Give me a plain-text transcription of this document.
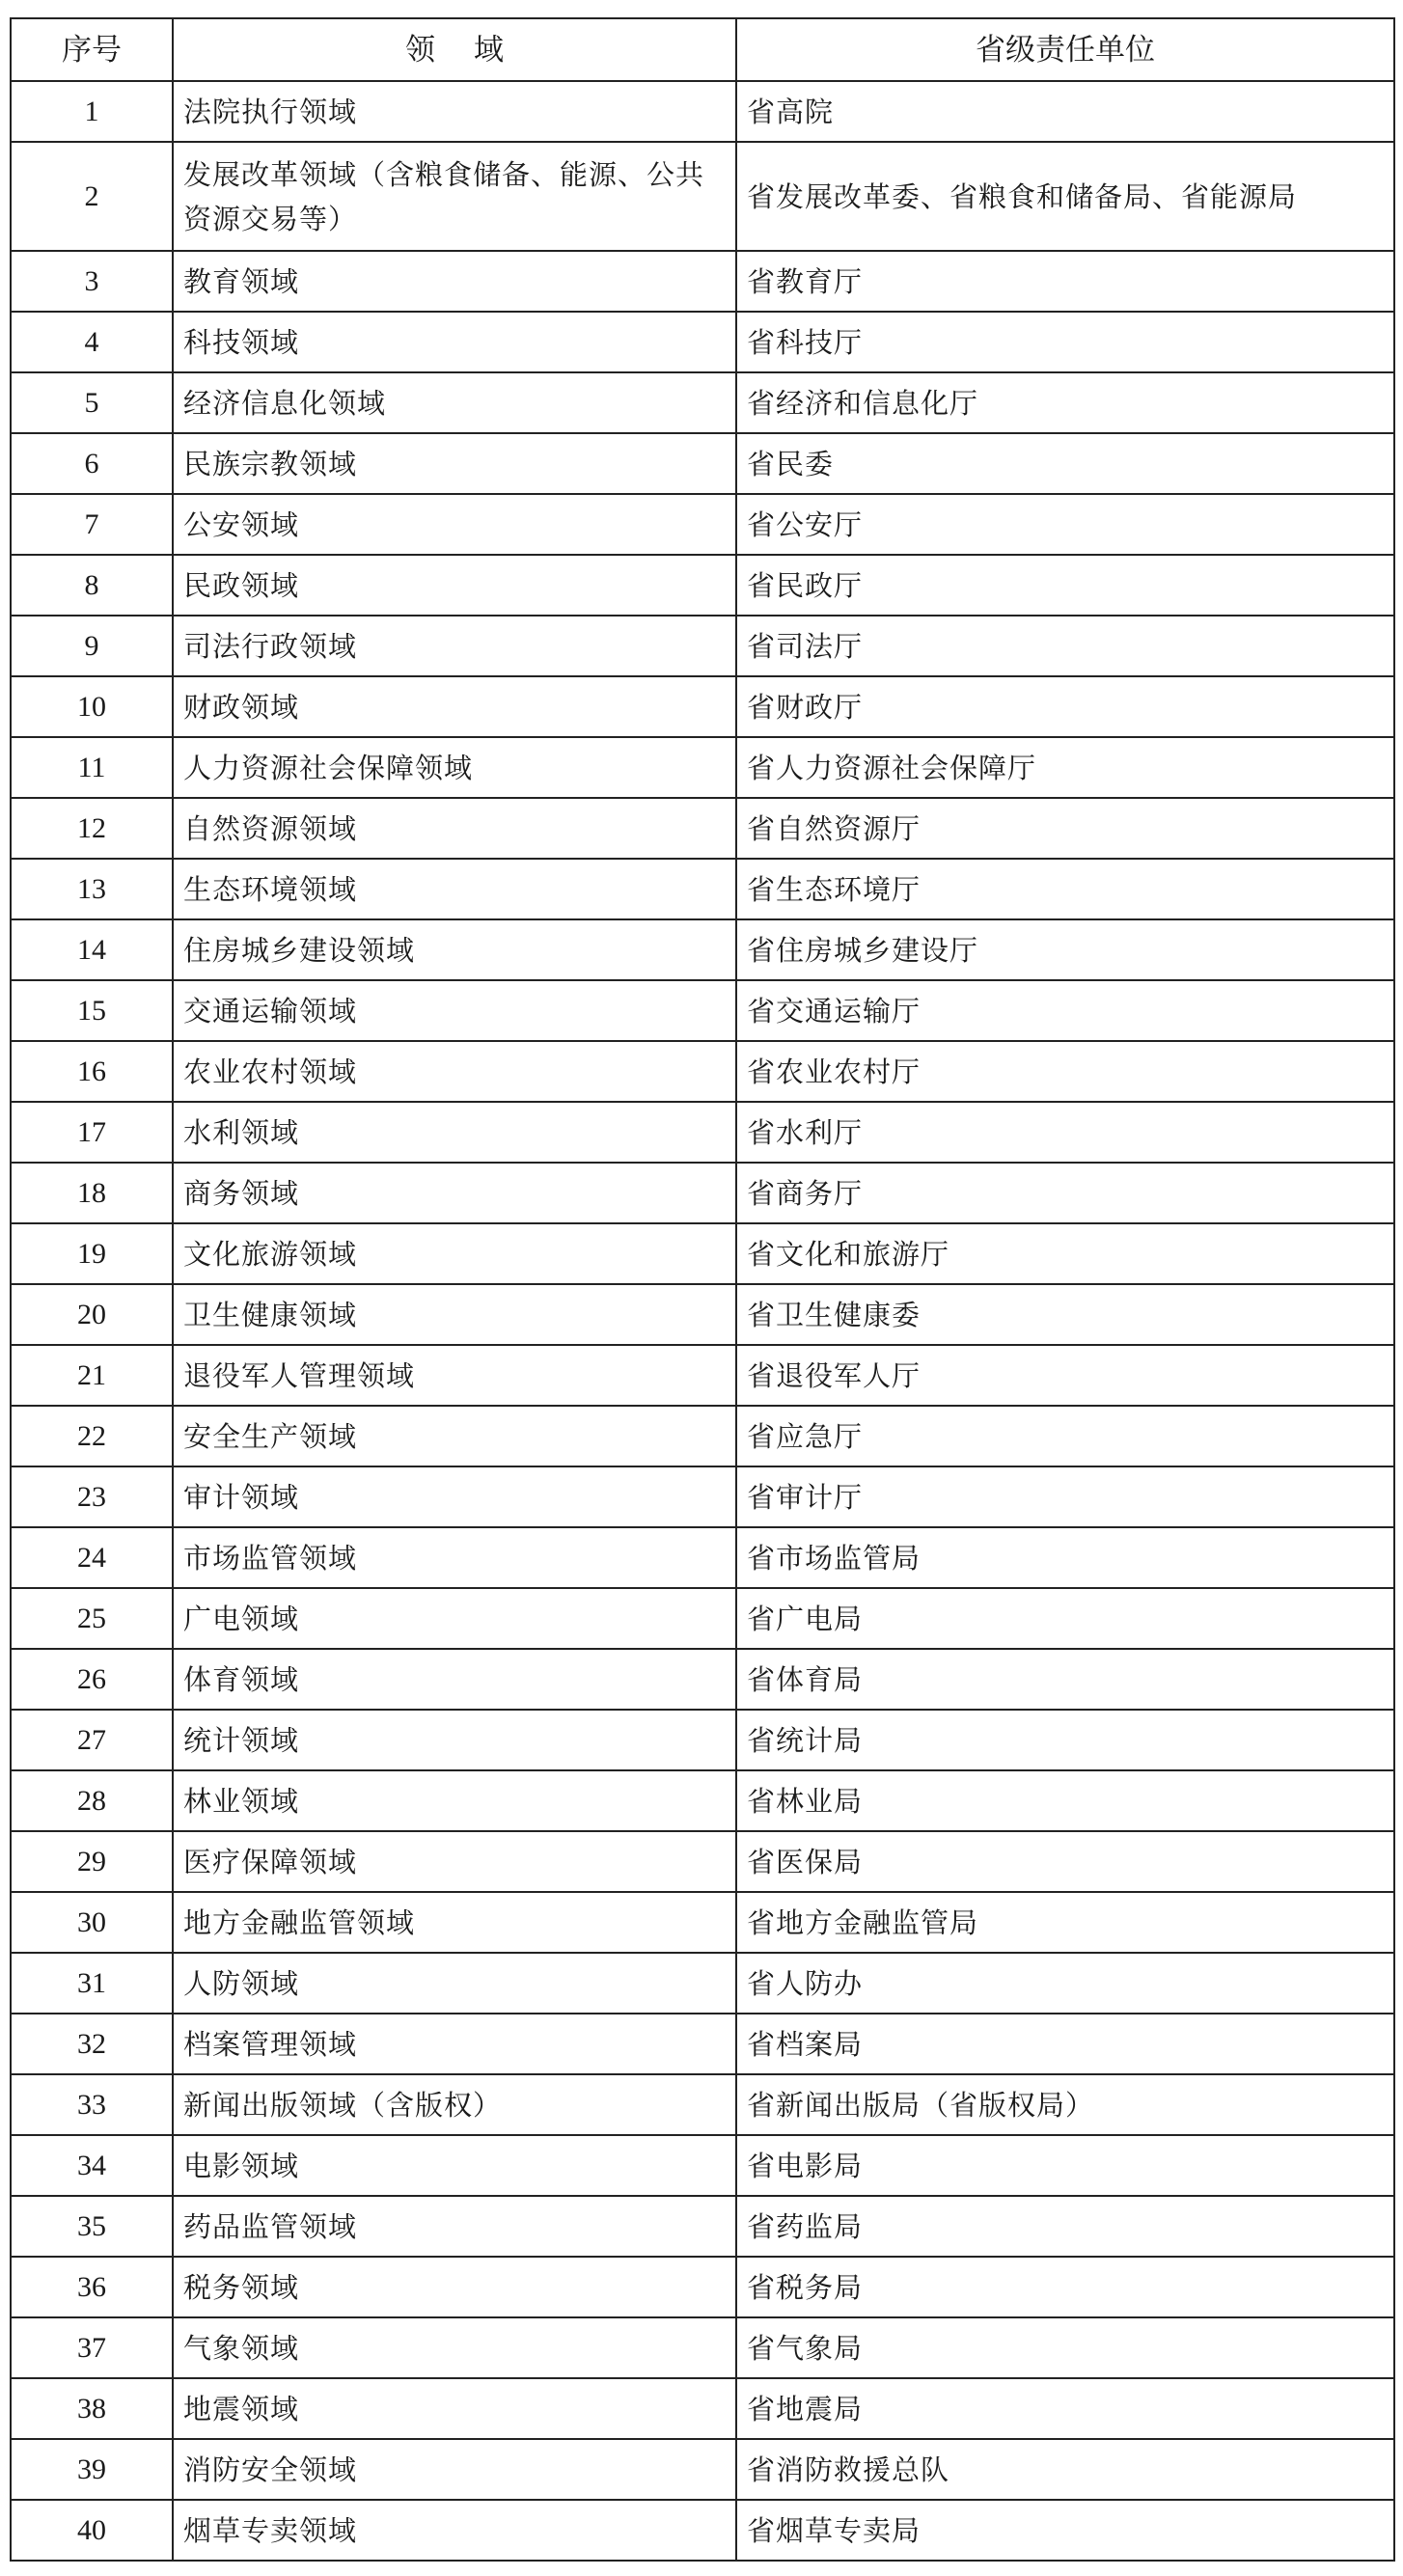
序号	领域	省级责任单位
1	法院执行领域	省高院
2	发展改革领域（含粮食储备、能源、公共资源交易等）	省发展改革委、省粮食和储备局、省能源局
3	教育领域	省教育厅
4	科技领域	省科技厅
5	经济信息化领域	省经济和信息化厅
6	民族宗教领域	省民委
7	公安领域	省公安厅
8	民政领域	省民政厅
9	司法行政领域	省司法厅
10	财政领域	省财政厅
11	人力资源社会保障领域	省人力资源社会保障厅
12	自然资源领域	省自然资源厅
13	生态环境领域	省生态环境厅
14	住房城乡建设领域	省住房城乡建设厅
15	交通运输领域	省交通运输厅
16	农业农村领域	省农业农村厅
17	水利领域	省水利厅
18	商务领域	省商务厅
19	文化旅游领域	省文化和旅游厅
20	卫生健康领域	省卫生健康委
21	退役军人管理领域	省退役军人厅
22	安全生产领域	省应急厅
23	审计领域	省审计厅
24	市场监管领域	省市场监管局
25	广电领域	省广电局
26	体育领域	省体育局
27	统计领域	省统计局
28	林业领域	省林业局
29	医疗保障领域	省医保局
30	地方金融监管领域	省地方金融监管局
31	人防领域	省人防办
32	档案管理领域	省档案局
33	新闻出版领域（含版权）	省新闻出版局（省版权局）
34	电影领域	省电影局
35	药品监管领域	省药监局
36	税务领域	省税务局
37	气象领域	省气象局
38	地震领域	省地震局
39	消防安全领域	省消防救援总队
40	烟草专卖领域	省烟草专卖局
